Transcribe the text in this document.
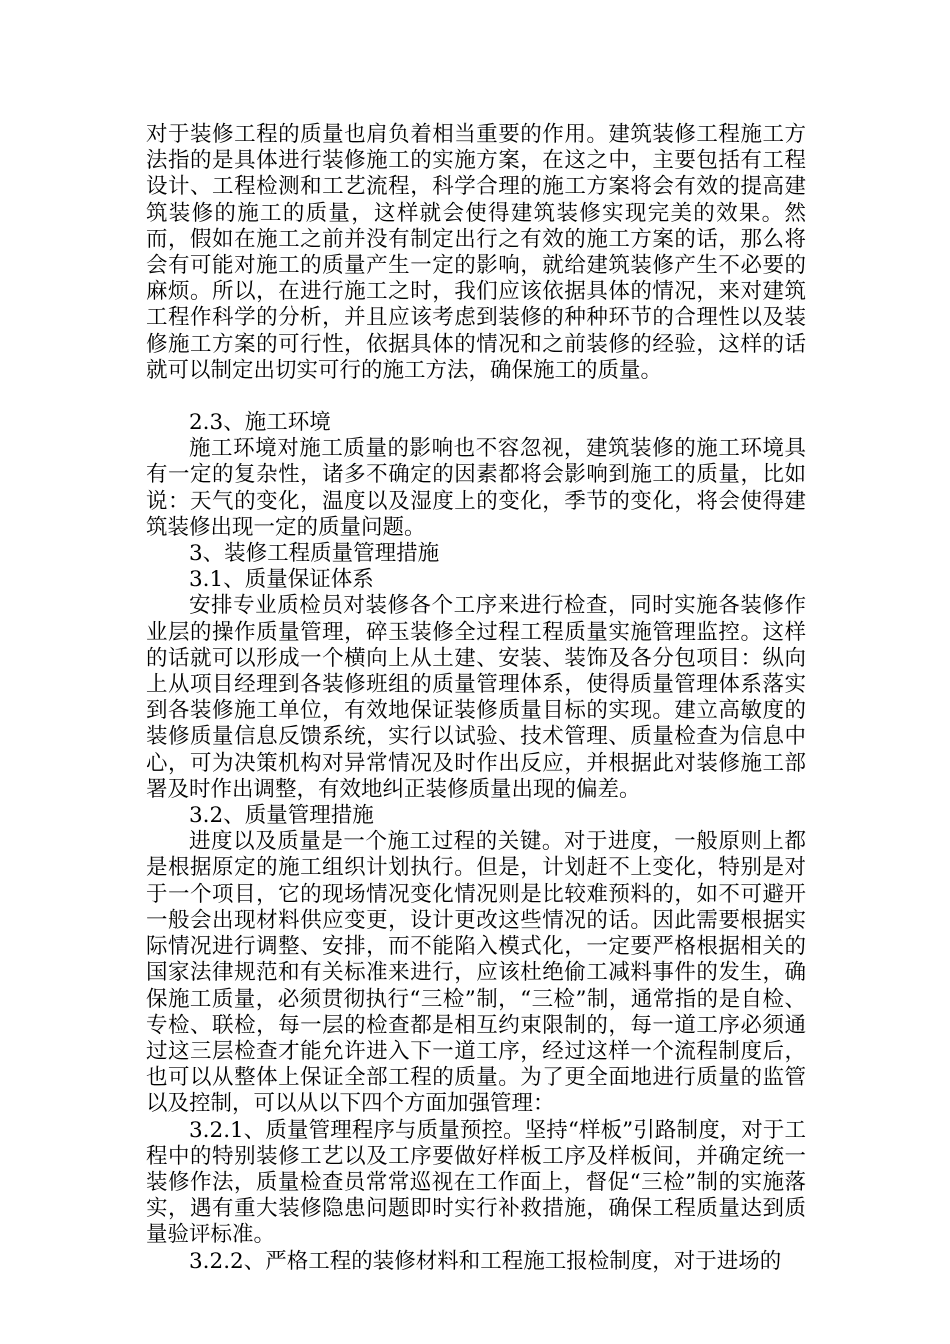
对于装修工程的质量也肩负着相当重要的作用。建筑装修工程施工方法指的是具体进行装修施工的实施方案，在这之中，主要包括有工程设计、工程检测和工艺流程，科学合理的施工方案将会有效的提高建筑装修的施工的质量，这样就会使得建筑装修实现完美的效果。然而，假如在施工之前并没有制定出行之有效的施工方案的话，那么将会有可能对施工的质量产生一定的影响，就给建筑装修产生不必要的麻烦。所以，在进行施工之时，我们应该依据具体的情况，来对建筑工程作科学的分析，并且应该考虑到装修的种种环节的合理性以及装修施工方案的可行性，依据具体的情况和之前装修的经验，这样的话就可以制定出切实可行的施工方法，确保施工的质量。

2.3、施工环境

施工环境对施工质量的影响也不容忽视，建筑装修的施工环境具有一定的复杂性，诸多不确定的因素都将会影响到施工的质量，比如说：天气的变化，温度以及湿度上的变化，季节的变化，将会使得建筑装修出现一定的质量问题。

3、装修工程质量管理措施

3.1、质量保证体系

安排专业质检员对装修各个工序来进行检查，同时实施各装修作业层的操作质量管理，碎玉装修全过程工程质量实施管理监控。这样的话就可以形成一个横向上从土建、安装、装饰及各分包项目：纵向上从项目经理到各装修班组的质量管理体系，使得质量管理体系落实到各装修施工单位，有效地保证装修质量目标的实现。建立高敏度的装修质量信息反馈系统，实行以试验、技术管理、质量检查为信息中心，可为决策机构对异常情况及时作出反应，并根据此对装修施工部署及时作出调整，有效地纠正装修质量出现的偏差。

3.2、质量管理措施

进度以及质量是一个施工过程的关键。对于进度，一般原则上都是根据原定的施工组织计划执行。但是，计划赶不上变化，特别是对于一个项目，它的现场情况变化情况则是比较难预料的，如不可避开一般会出现材料供应变更，设计更改这些情况的话。因此需要根据实际情况进行调整、安排，而不能陷入模式化，一定要严格根据相关的国家法律规范和有关标准来进行，应该杜绝偷工减料事件的发生，确保施工质量，必须贯彻执行“三检”制，“三检”制，通常指的是自检、专检、联检，每一层的检查都是相互约束限制的，每一道工序必须通过这三层检查才能允许进入下一道工序，经过这样一个流程制度后，也可以从整体上保证全部工程的质量。为了更全面地进行质量的监管以及控制，可以从以下四个方面加强管理：

3.2.1、质量管理程序与质量预控。坚持“样板”引路制度，对于工程中的特别装修工艺以及工序要做好样板工序及样板间，并确定统一装修作法，质量检查员常常巡视在工作面上，督促“三检”制的实施落实，遇有重大装修隐患问题即时实行补救措施，确保工程质量达到质量验评标准。

3.2.2、严格工程的装修材料和工程施工报检制度，对于进场的
